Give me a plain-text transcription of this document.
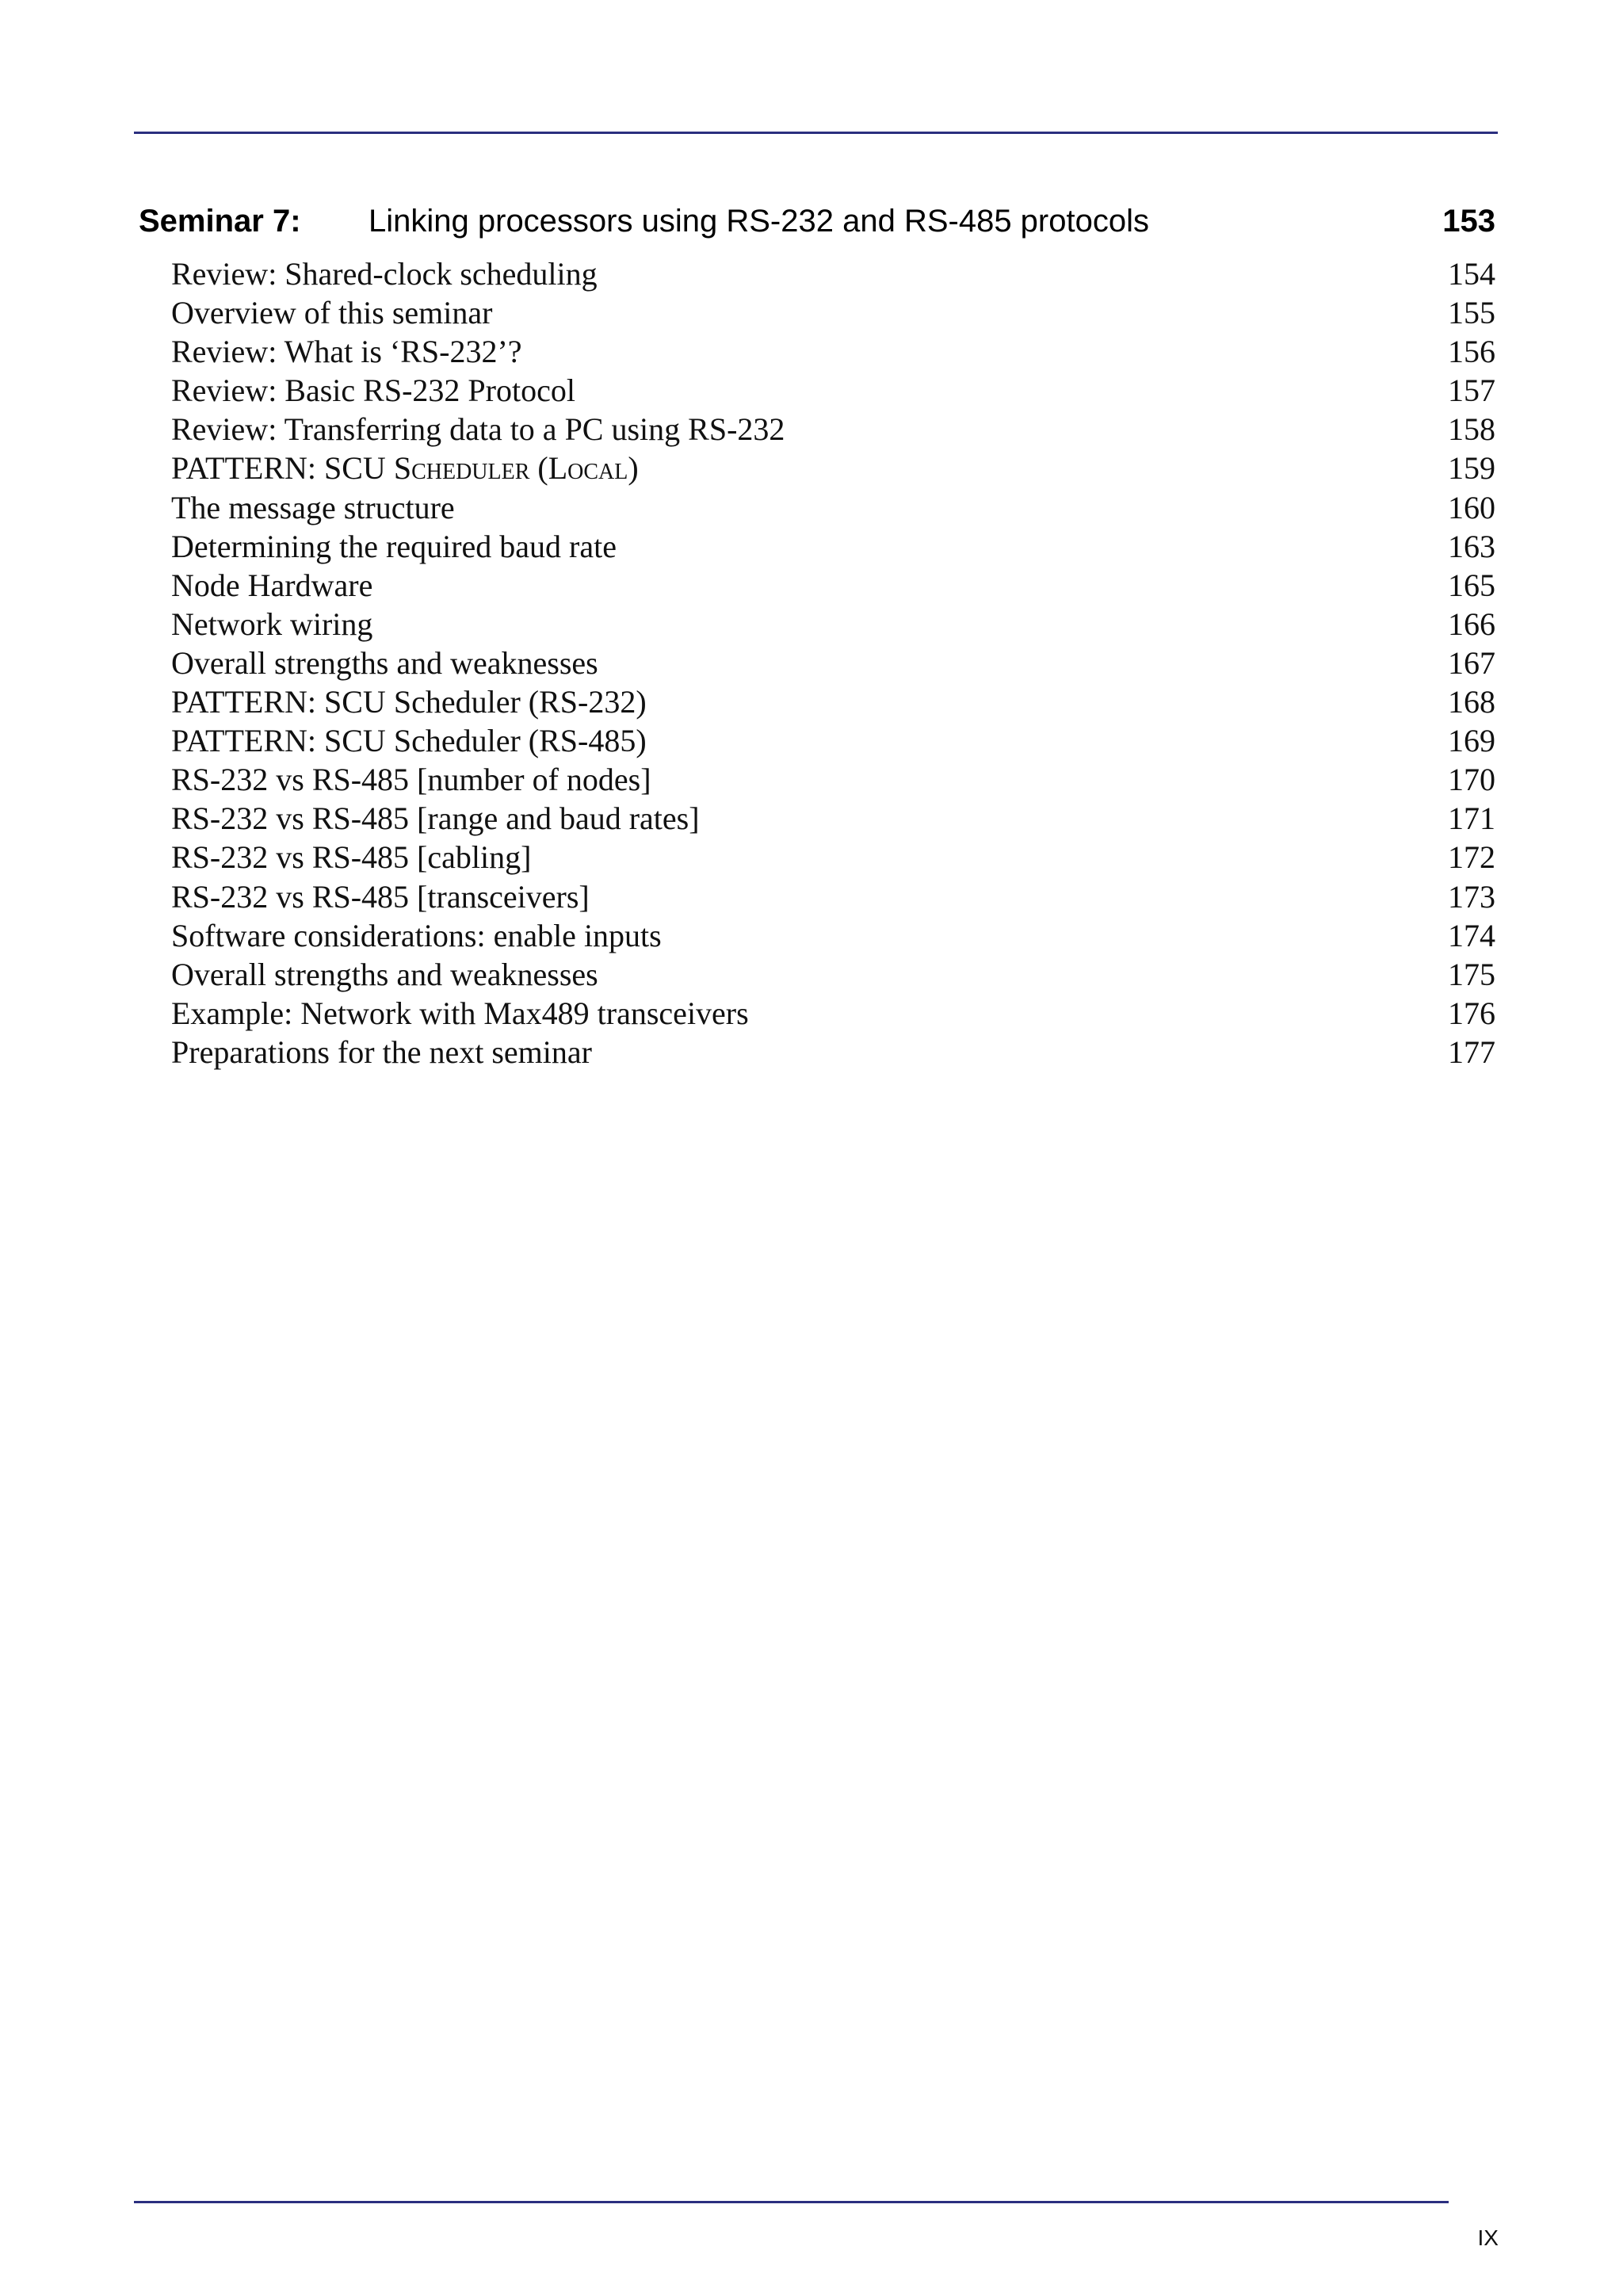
Seminar 7: Linking processors using RS-232 and RS-485 protocols	153
Review: Shared-clock scheduling	154
Overview of this seminar	155
Review: What is ‘RS-232’?	156
Review: Basic RS-232 Protocol	157
Review: Transferring data to a PC using RS-232	158
PATTERN: SCU Scheduler (Local)	159
The message structure	160
Determining the required baud rate	163
Node Hardware	165
Network wiring	166
Overall strengths and weaknesses	167
PATTERN: SCU Scheduler (RS-232)	168
PATTERN: SCU Scheduler (RS-485)	169
RS-232 vs RS-485 [number of nodes]	170
RS-232 vs RS-485 [range and baud rates]	171
RS-232 vs RS-485 [cabling]	172
RS-232 vs RS-485 [transceivers]	173
Software considerations: enable inputs	174
Overall strengths and weaknesses	175
Example: Network with Max489 transceivers	176
Preparations for the next seminar	177
IX
